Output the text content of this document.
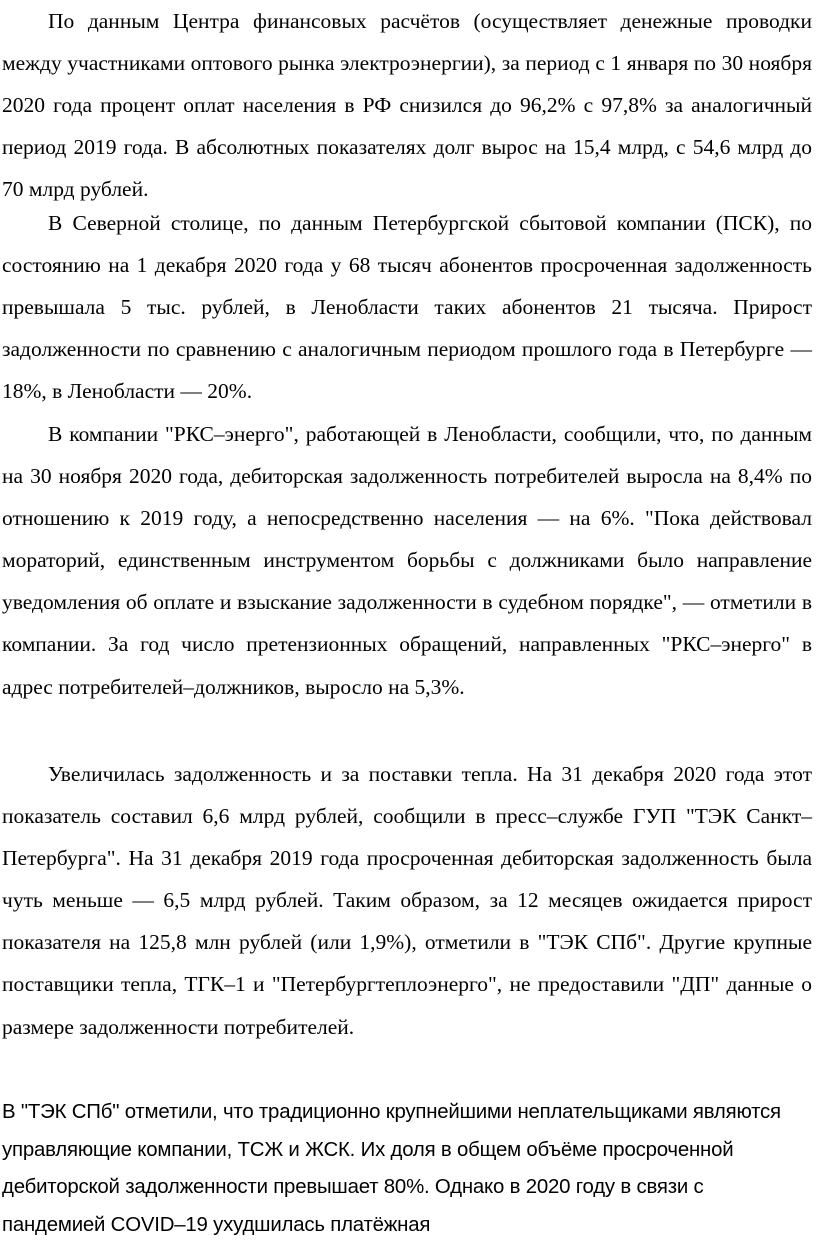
По данным Центра финансовых расчётов (осуществляет денежные проводки между участниками оптового рынка электроэнергии), за период с 1 января по 30 ноября 2020 года процент оплат населения в РФ снизился до 96,2% с 97,8% за аналогичный период 2019 года. В абсолютных показателях долг вырос на 15,4 млрд, с 54,6 млрд до 70 млрд рублей.

В Северной столице, по данным Петербургской сбытовой компании (ПСК), по состоянию на 1 декабря 2020 года у 68 тысяч абонентов просроченная задолженность превышала 5 тыс. рублей, в Ленобласти таких абонентов 21 тысяча. Прирост задолженности по сравнению с аналогичным периодом прошлого года в Петербурге — 18%, в Ленобласти — 20%.

В компании "РКС–энерго", работающей в Ленобласти, сообщили, что, по данным на 30 ноября 2020 года, дебиторская задолженность потребителей выросла на 8,4% по отношению к 2019 году, а непосредственно населения — на 6%. "Пока действовал мораторий, единственным инструментом борьбы с должниками было направление уведомления об оплате и взыскание задолженности в судебном порядке", — отметили в компании. За год число претензионных обращений, направленных "РКС–энерго" в адрес потребителей–должников, выросло на 5,3%.

Увеличилась задолженность и за поставки тепла. На 31 декабря 2020 года этот показатель составил 6,6 млрд рублей, сообщили в пресс–службе ГУП "ТЭК Санкт–Петербурга". На 31 декабря 2019 года просроченная дебиторская задолженность была чуть меньше — 6,5 млрд рублей. Таким образом, за 12 месяцев ожидается прирост показателя на 125,8 млн рублей (или 1,9%), отметили в "ТЭК СПб". Другие крупные поставщики тепла, ТГК–1 и "Петербургтеплоэнерго", не предоставили "ДП" данные о размере задолженности потребителей.

В "ТЭК СПб" отметили, что традиционно крупнейшими неплательщиками являются управляющие компании, ТСЖ и ЖСК. Их доля в общем объёме просроченной дебиторской задолженности превышает 80%. Однако в 2020 году в связи с пандемией COVID–19 ухудшилась платёжная
